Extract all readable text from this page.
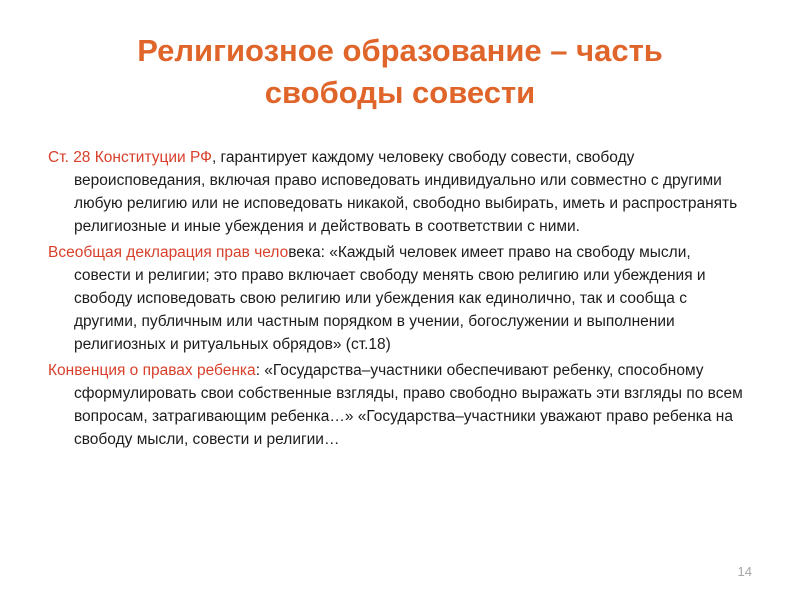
Религиозное образование – часть
свободы совести

Ст. 28 Конституции РФ, гарантирует каждому человеку свободу совести, свободу вероисповедания, включая право исповедовать индивидуально или совместно с другими любую религию или не исповедовать никакой, свободно выбирать, иметь и распространять религиозные и иные убеждения и действовать в соответствии с ними.

Всеобщая декларация прав человека: «Каждый человек имеет право на свободу мысли, совести и религии; это право включает свободу менять свою религию или убеждения и свободу исповедовать свою религию или убеждения как единолично, так и сообща с другими, публичным или частным порядком в учении, богослужении и выполнении религиозных и ритуальных обрядов» (ст.18)

Конвенция о правах ребенка: «Государства–участники обеспечивают ребенку, способному сформулировать свои собственные взгляды, право свободно выражать эти взгляды по всем вопросам, затрагивающим ребенка…» «Государства–участники уважают право ребенка на свободу мысли, совести и религии…

14
